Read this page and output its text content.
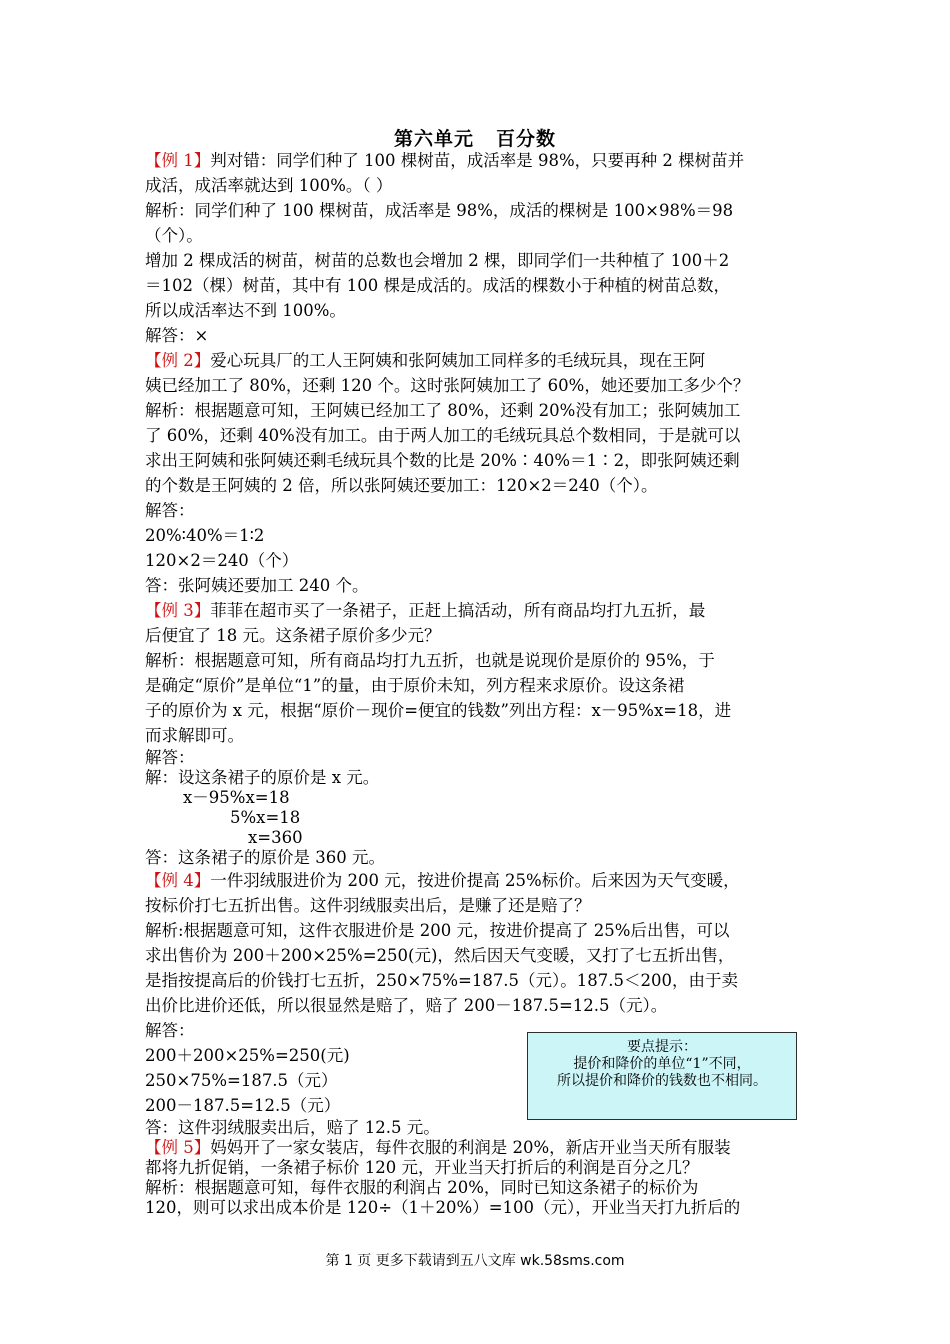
第六单元 百分数
【例 1】判对错：同学们种了 100 棵树苗，成活率是 98%，只要再种 2 棵树苗并
成活，成活率就达到 100%。（ ）
解析：同学们种了 100 棵树苗，成活率是 98%，成活的棵树是 100×98%＝98
（个）。
增加 2 棵成活的树苗，树苗的总数也会增加 2 棵，即同学们一共种植了 100＋2
＝102（棵）树苗，其中有 100 棵是成活的。成活的棵数小于种植的树苗总数，
所以成活率达不到 100%。
解答：×
【例 2】爱心玩具厂的工人王阿姨和张阿姨加工同样多的毛绒玩具，现在王阿
姨已经加工了 80%，还剩 120 个。这时张阿姨加工了 60%，她还要加工多少个？
解析：根据题意可知，王阿姨已经加工了 80%，还剩 20%没有加工；张阿姨加工
了 60%，还剩 40%没有加工。由于两人加工的毛绒玩具总个数相同，于是就可以
求出王阿姨和张阿姨还剩毛绒玩具个数的比是 20%∶40%＝1∶2，即张阿姨还剩
的个数是王阿姨的 2 倍，所以张阿姨还要加工：120×2＝240（个）。
解答：
20%∶40%＝1∶2
120×2＝240（个）
答：张阿姨还要加工 240 个。
【例 3】菲菲在超市买了一条裙子，正赶上搞活动，所有商品均打九五折，最
后便宜了 18 元。这条裙子原价多少元？
解析：根据题意可知，所有商品均打九五折，也就是说现价是原价的 95%，于
是确定“原价”是单位“1”的量，由于原价未知，列方程来求原价。设这条裙
子的原价为 x 元，根据“原价－现价=便宜的钱数”列出方程：x－95%x=18，进
而求解即可。
解答：
解：设这条裙子的原价是 x 元。
x－95%x=18
5%x=18
x=360
答：这条裙子的原价是 360 元。
【例 4】一件羽绒服进价为 200 元，按进价提高 25%标价。后来因为天气变暖，
按标价打七五折出售。这件羽绒服卖出后，是赚了还是赔了？
解析:根据题意可知，这件衣服进价是 200 元，按进价提高了 25%后出售，可以
求出售价为 200＋200×25%=250(元)，然后因天气变暖，又打了七五折出售，
是指按提高后的价钱打七五折，250×75%=187.5（元）。187.5＜200，由于卖
出价比进价还低，所以很显然是赔了，赔了 200－187.5=12.5（元）。
解答：
200＋200×25%=250(元)
250×75%=187.5（元）
200－187.5=12.5（元）
答：这件羽绒服卖出后，赔了 12.5 元。
【例 5】妈妈开了一家女装店，每件衣服的利润是 20%，新店开业当天所有服装
都将九折促销，一条裙子标价 120 元，开业当天打折后的利润是百分之几？
解析：根据题意可知，每件衣服的利润占 20%，同时已知这条裙子的标价为
120，则可以求出成本价是 120÷（1＋20%）=100（元），开业当天打九折后的
要点提示：
提价和降价的单位“1”不同，
所以提价和降价的钱数也不相同。
第 1 页 更多下载请到五八文库 wk.58sms.com
